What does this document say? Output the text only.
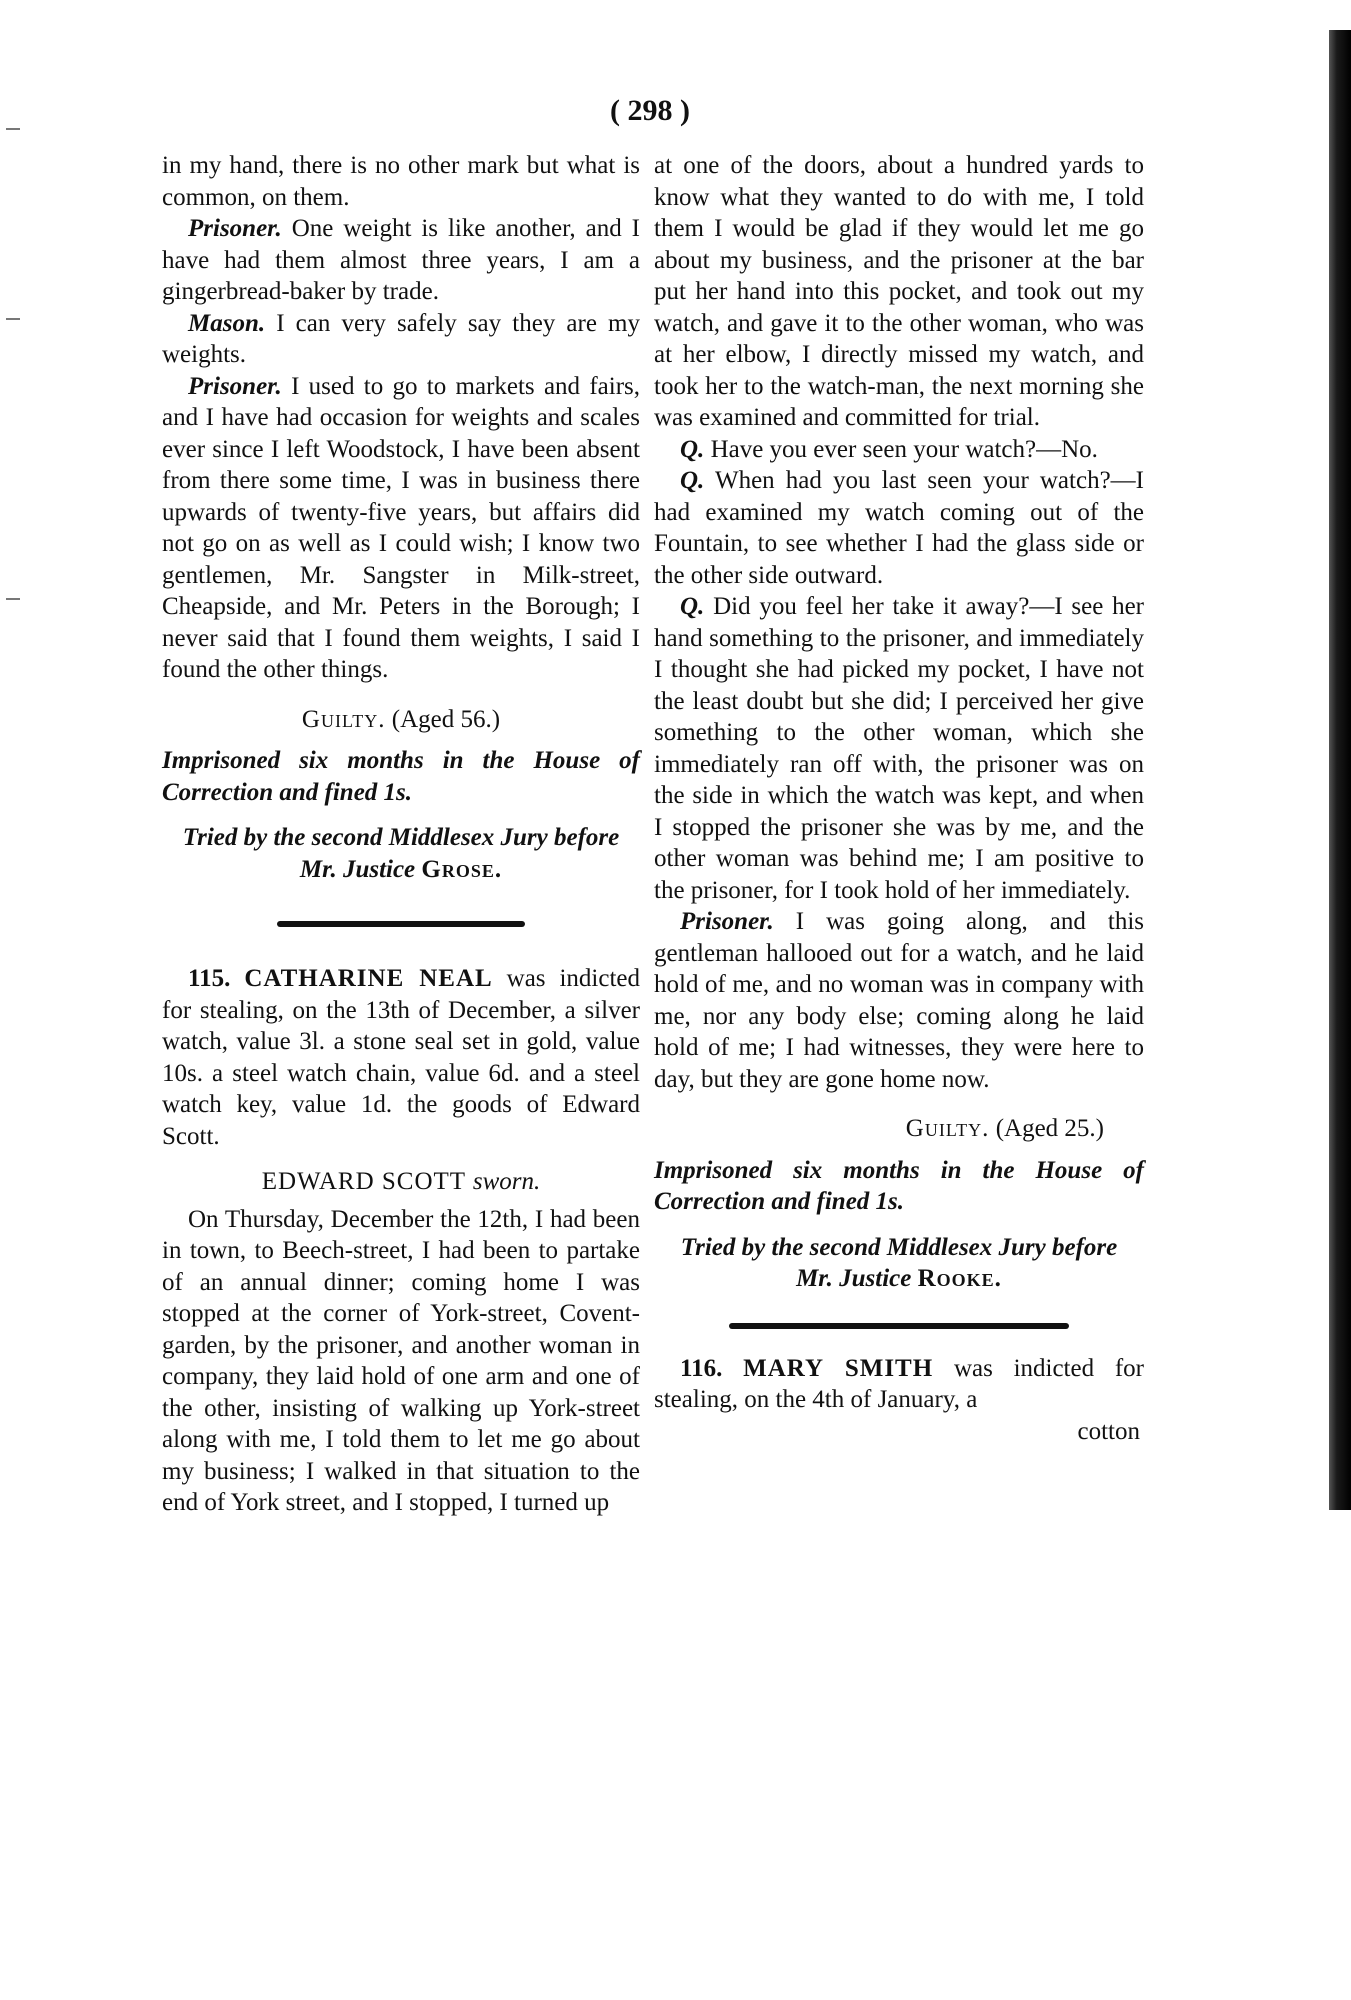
( 298 )

in my hand, there is no other mark but what is common, on them.

Prisoner. One weight is like another, and I have had them almost three years, I am a gingerbread-baker by trade.

Mason. I can very safely say they are my weights.

Prisoner. I used to go to markets and fairs, and I have had occasion for weights and scales ever since I left Woodstock, I have been absent from there some time, I was in business there upwards of twenty-five years, but affairs did not go on as well as I could wish; I know two gentlemen, Mr. Sangster in Milk-street, Cheapside, and Mr. Peters in the Borough; I never said that I found them weights, I said I found the other things.

Guilty. (Aged 56.)

Imprisoned six months in the House of Correction and fined 1s.

Tried by the second Middlesex Jury before
Mr. Justice Grose.

115. CATHARINE NEAL was indicted for stealing, on the 13th of December, a silver watch, value 3l. a stone seal set in gold, value 10s. a steel watch chain, value 6d. and a steel watch key, value 1d. the goods of Edward Scott.

EDWARD SCOTT sworn.

On Thursday, December the 12th, I had been in town, to Beech-street, I had been to partake of an annual dinner; coming home I was stopped at the corner of York-street, Covent-garden, by the prisoner, and another woman in company, they laid hold of one arm and one of the other, insisting of walking up York-street along with me, I told them to let me go about my business; I walked in that situation to the end of York street, and I stopped, I turned up

at one of the doors, about a hundred yards to know what they wanted to do with me, I told them I would be glad if they would let me go about my business, and the prisoner at the bar put her hand into this pocket, and took out my watch, and gave it to the other woman, who was at her elbow, I directly missed my watch, and took her to the watch-man, the next morning she was examined and committed for trial.

Q. Have you ever seen your watch?—No.

Q. When had you last seen your watch?—I had examined my watch coming out of the Fountain, to see whether I had the glass side or the other side outward.

Q. Did you feel her take it away?—I see her hand something to the prisoner, and immediately I thought she had picked my pocket, I have not the least doubt but she did; I perceived her give something to the other woman, which she immediately ran off with, the prisoner was on the side in which the watch was kept, and when I stopped the prisoner she was by me, and the other woman was behind me; I am positive to the prisoner, for I took hold of her immediately.

Prisoner. I was going along, and this gentleman hallooed out for a watch, and he laid hold of me, and no woman was in company with me, nor any body else; coming along he laid hold of me; I had witnesses, they were here to day, but they are gone home now.

Guilty. (Aged 25.)

Imprisoned six months in the House of Correction and fined 1s.

Tried by the second Middlesex Jury before
Mr. Justice Rooke.

116. MARY SMITH was indicted for stealing, on the 4th of January, a

cotton
